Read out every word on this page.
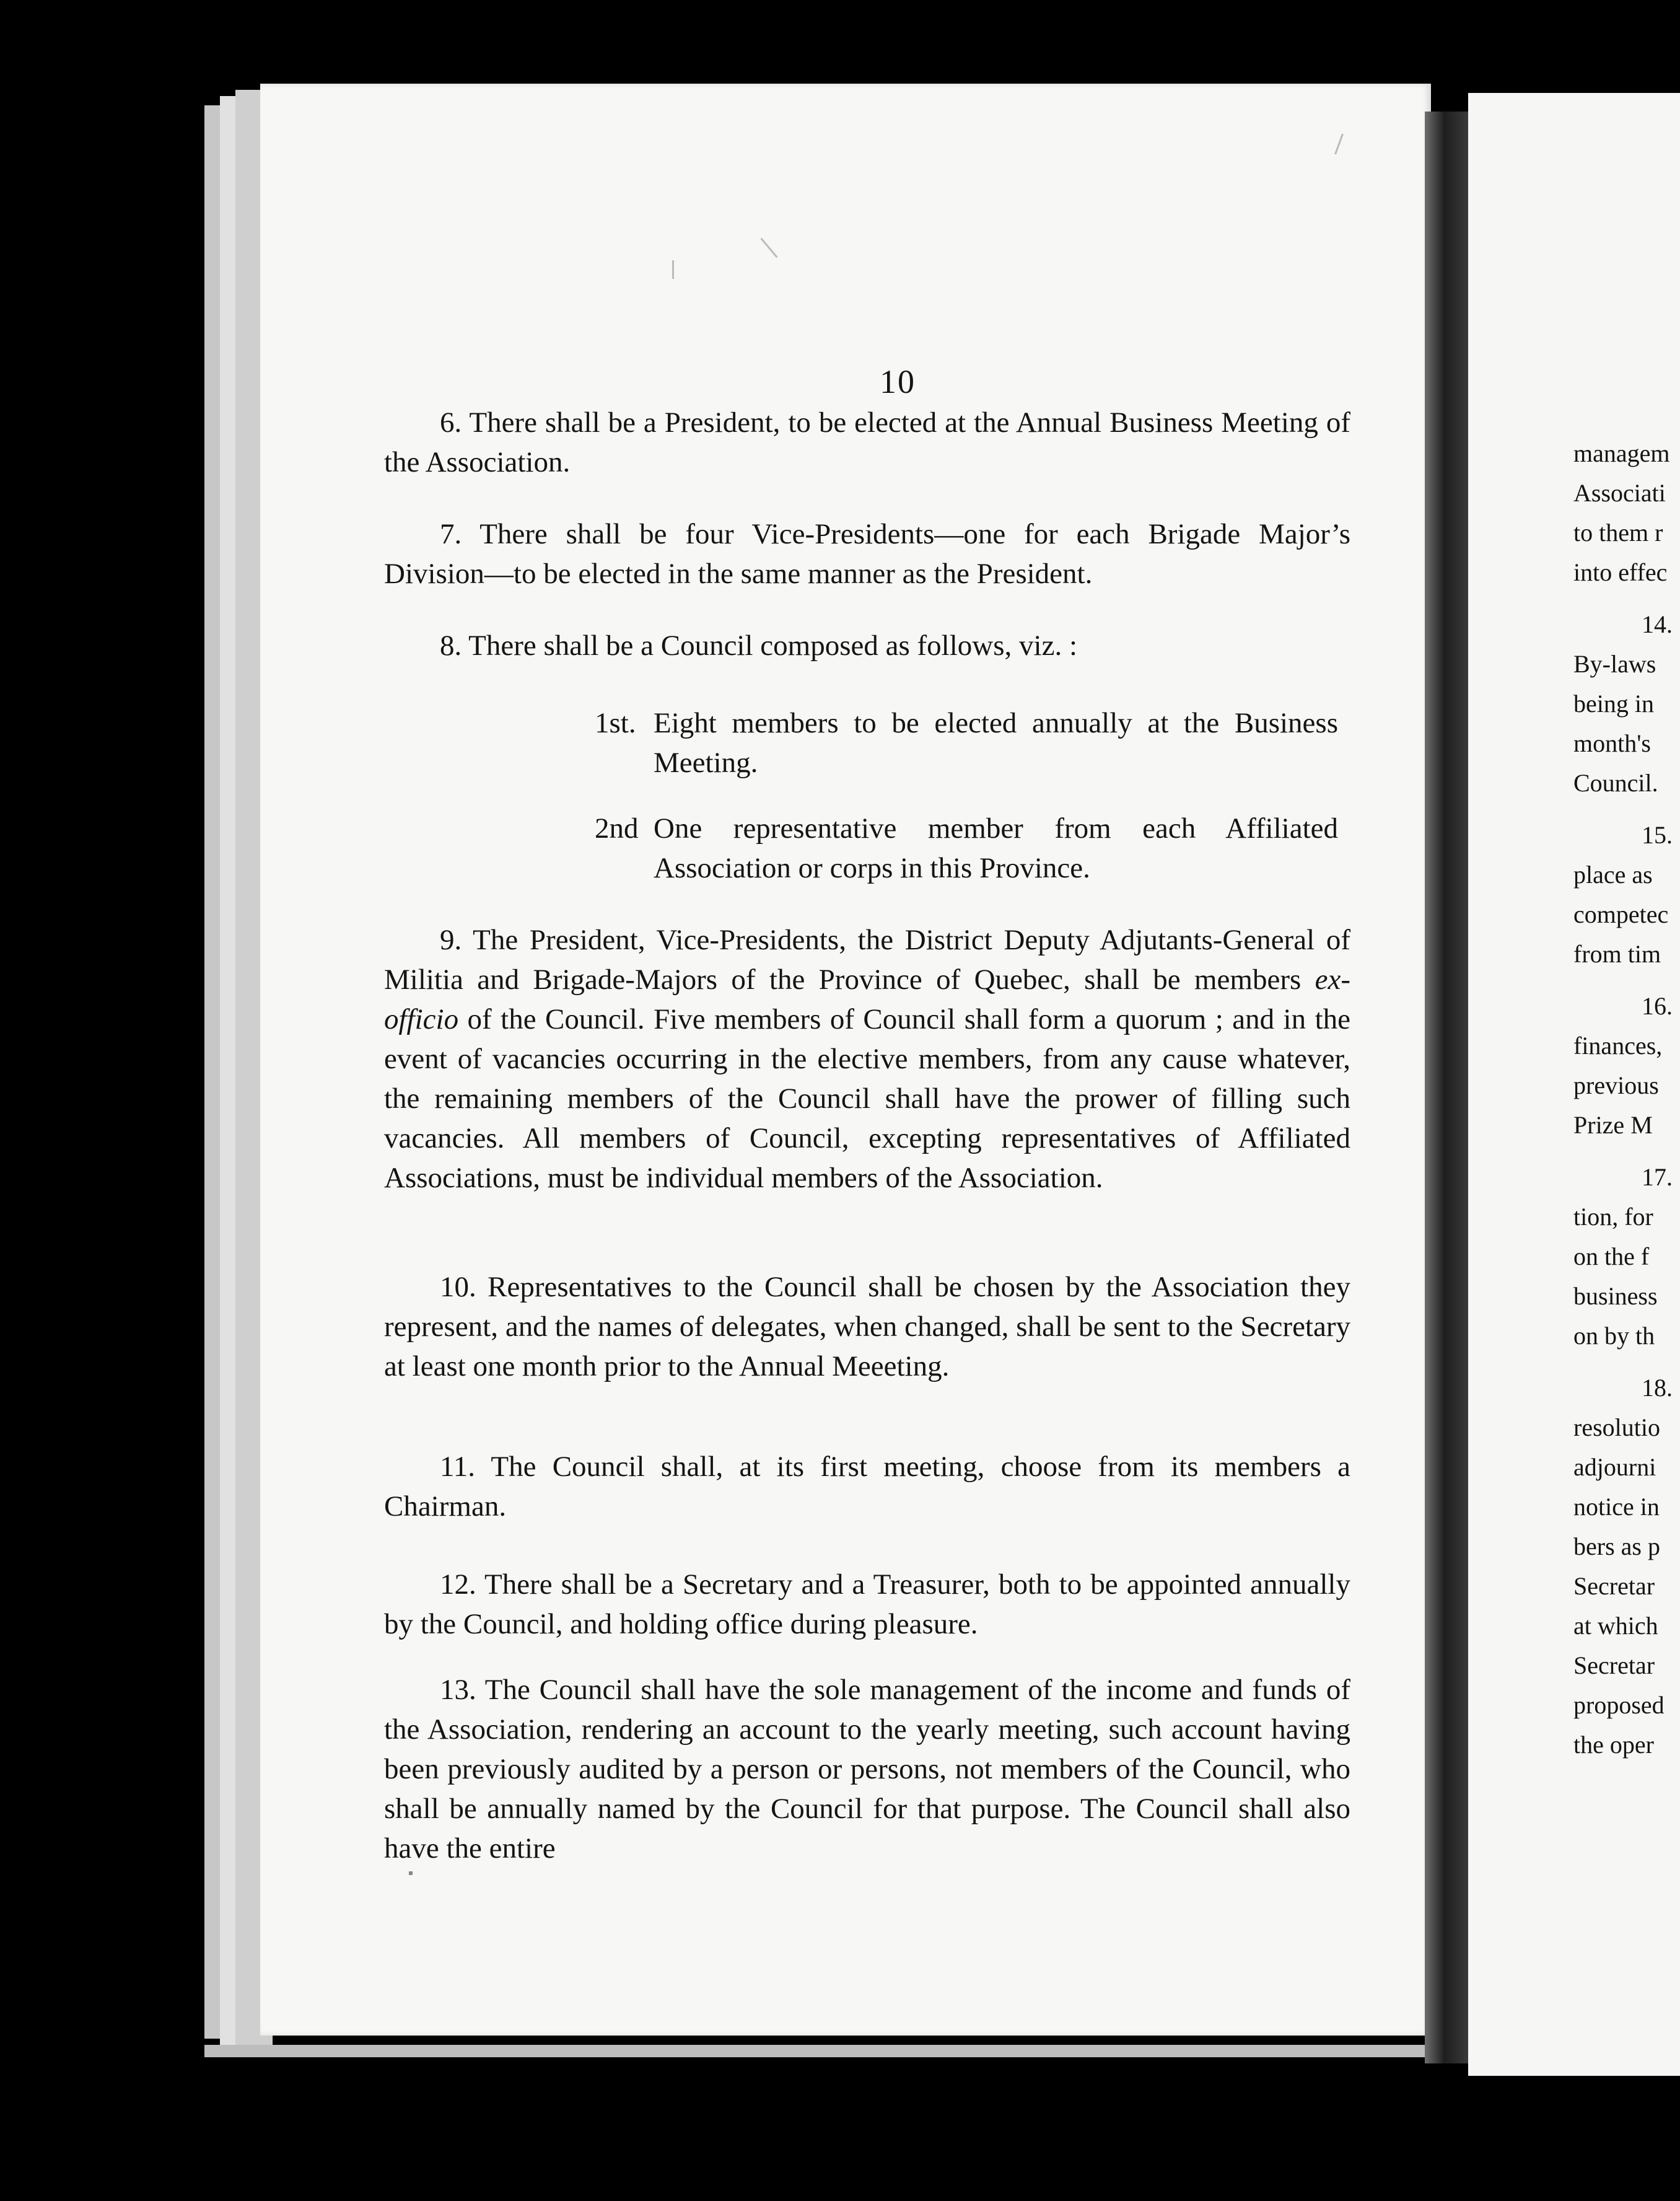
10

6. There shall be a President, to be elected at the Annual Business Meeting of the Association.

7. There shall be four Vice-Presidents—one for each Brigade Major’s Division—to be elected in the same manner as the President.

8. There shall be a Council composed as follows, viz. :

1st. Eight members to be elected annually at the Business Meeting.
2nd One representative member from each Affiliated Association or corps in this Province.

9. The President, Vice-Presidents, the District Deputy Adjutants-General of Militia and Brigade-Majors of the Province of Quebec, shall be members ex-officio of the Council. Five members of Council shall form a quorum ; and in the event of vacancies occurring in the elective members, from any cause whatever, the remaining members of the Council shall have the prower of filling such vacancies. All members of Council, excepting representatives of Affiliated Associations, must be individual members of the Association.

10. Representatives to the Council shall be chosen by the Association they represent, and the names of delegates, when changed, shall be sent to the Secretary at least one month prior to the Annual Meeeting.

11. The Council shall, at its first meeting, choose from its members a Chairman.

12. There shall be a Secretary and a Treasurer, both to be appointed annually by the Council, and holding office during pleasure.

13. The Council shall have the sole management of the income and funds of the Association, rendering an account to the yearly meeting, such account having been previously audited by a person or persons, not members of the Council, who shall be annually named by the Council for that purpose. The Council shall also have the entire

managem
Associati
to them r
into effec
14.
By-laws
being in
month's
Council.
15.
place as
competec
from tim
16.
finances,
previous
Prize M
17.
tion, for
on the f
business
on by th
18.
resolutio
adjourni
notice in
bers as p
Secretar
at which
Secretar
proposed
the oper
